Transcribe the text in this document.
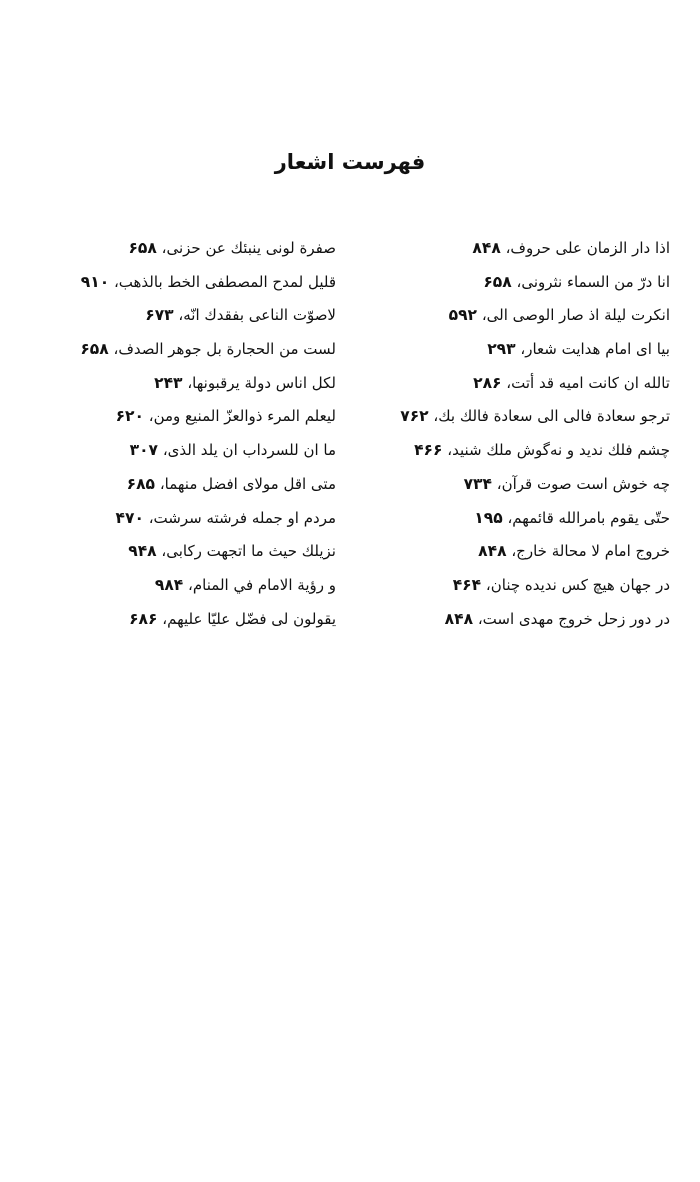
فهرست اشعار
اذا دار الزمان على حروف، ۸۴۸
انا درّ من السماء نثرونى، ۶۵۸
انكرت ليلة اذ صار الوصى الى، ۵۹۲
بيا اى امام هدايت شعار، ۲۹۳
تالله ان كانت اميه قد أتت، ۲۸۶
ترجو سعادة فالى الى سعادة فالك بك، ۷۶۲
چشم فلك نديد و نه‌گوش ملك شنيد، ۴۶۶
چه خوش است صوت قرآن، ۷۳۴
حتّى يقوم بامرالله قائمهم، ۱۹۵
خروج امام لا محالة خارج، ۸۴۸
در جهان هيچ كس نديده چنان، ۴۶۴
در دور زحل خروج مهدى است، ۸۴۸
صفرة لونى ينبئك عن حزنى، ۶۵۸
قليل لمدح المصطفى الخط بالذهب، ۹۱۰
لاصوّت الناعى بفقدك انّه، ۶۷۳
لست من الحجارة بل جوهر الصدف، ۶۵۸
لكل اناس دولة يرقبونها، ۲۴۳
ليعلم المرء ذوالعزّ المنيع ومن، ۶۲۰
ما ان للسرداب ان يلد الذى، ۳۰۷
متى اقل مولاى افضل منهما، ۶۸۵
مردم او جمله فرشته سرشت، ۴۷۰
نزيلك حيث ما اتجهت ركابى، ۹۴۸
و رؤية الامام في المنام، ۹۸۴
يقولون لى فضّل عليّا عليهم، ۶۸۶
